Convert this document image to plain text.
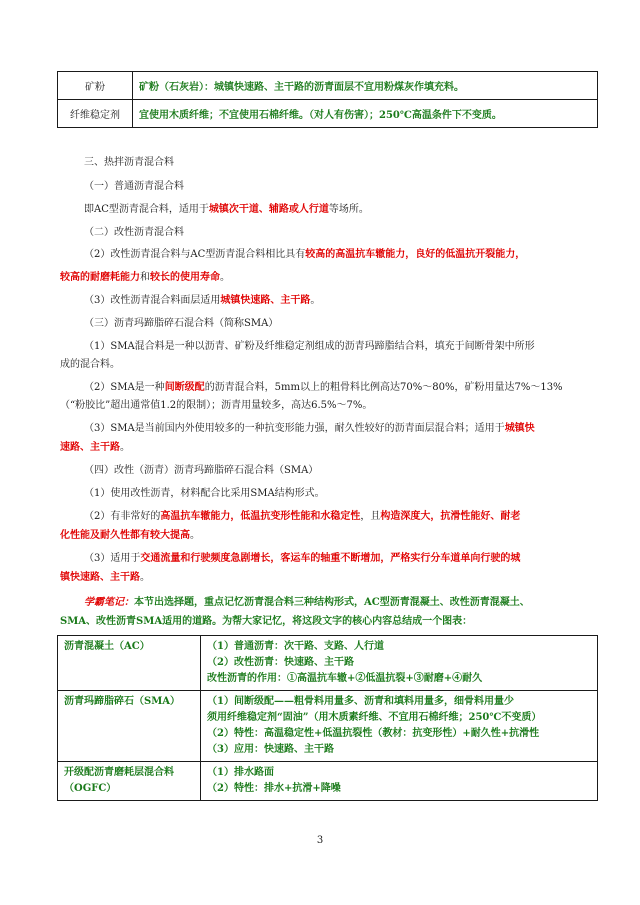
矿粉	矿粉（石灰岩）：城镇快速路、主干路的沥青面层不宜用粉煤灰作填充料。
纤维稳定剂	宜使用木质纤维；不宜使用石棉纤维。（对人有伤害）；250℃高温条件下不变质。
三、热拌沥青混合料
（一）普通沥青混合料
即AC型沥青混合料，适用于城镇次干道、辅路或人行道等场所。
（二）改性沥青混合料
（2）改性沥青混合料与AC型沥青混合料相比具有较高的高温抗车辙能力，良好的低温抗开裂能力，
较高的耐磨耗能力和较长的使用寿命。
（3）改性沥青混合料面层适用城镇快速路、主干路。
（三）沥青玛蹄脂碎石混合料（简称SMA）
（1）SMA混合料是一种以沥青、矿粉及纤维稳定剂组成的沥青玛蹄脂结合料，填充于间断骨架中所形
成的混合料。
（2）SMA是一种间断级配的沥青混合料，5mm以上的粗骨料比例高达70%～80%，矿粉用量达7%～13%
（“粉胶比”超出通常值1.2的限制）；沥青用量较多，高达6.5%～7%。
（3）SMA是当前国内外使用较多的一种抗变形能力强，耐久性较好的沥青面层混合料；适用于城镇快
速路、主干路。
（四）改性（沥青）沥青玛蹄脂碎石混合料（SMA）
（1）使用改性沥青，材料配合比采用SMA结构形式。
（2）有非常好的高温抗车辙能力，低温抗变形性能和水稳定性，且构造深度大，抗滑性能好、耐老
化性能及耐久性都有较大提高。
（3）适用于交通流量和行驶频度急剧增长，客运车的轴重不断增加，严格实行分车道单向行驶的城
镇快速路、主干路。
学霸笔记：本节出选择题，重点记忆沥青混合料三种结构形式，AC型沥青混凝土、改性沥青混凝土、
SMA、改性沥青SMA适用的道路。为帮大家记忆，将这段文字的核心内容总结成一个图表：
沥青混凝土（AC）	（1）普通沥青：次干路、支路、人行道
（2）改性沥青：快速路、主干路
改性沥青的作用：①高温抗车辙+②低温抗裂+③耐磨+④耐久

沥青玛蹄脂碎石（SMA）	（1）间断级配——粗骨料用量多、沥青和填料用量多，细骨料用量少
须用纤维稳定剂“固油”（用木质素纤维、不宜用石棉纤维；250℃不变质）
（2）特性：高温稳定性+低温抗裂性（教材：抗变形性）+耐久性+抗滑性
（3）应用：快速路、主干路

开级配沥青磨耗层混合料（OGFC）	（1）排水路面
（2）特性：排水+抗滑+降噪
3
